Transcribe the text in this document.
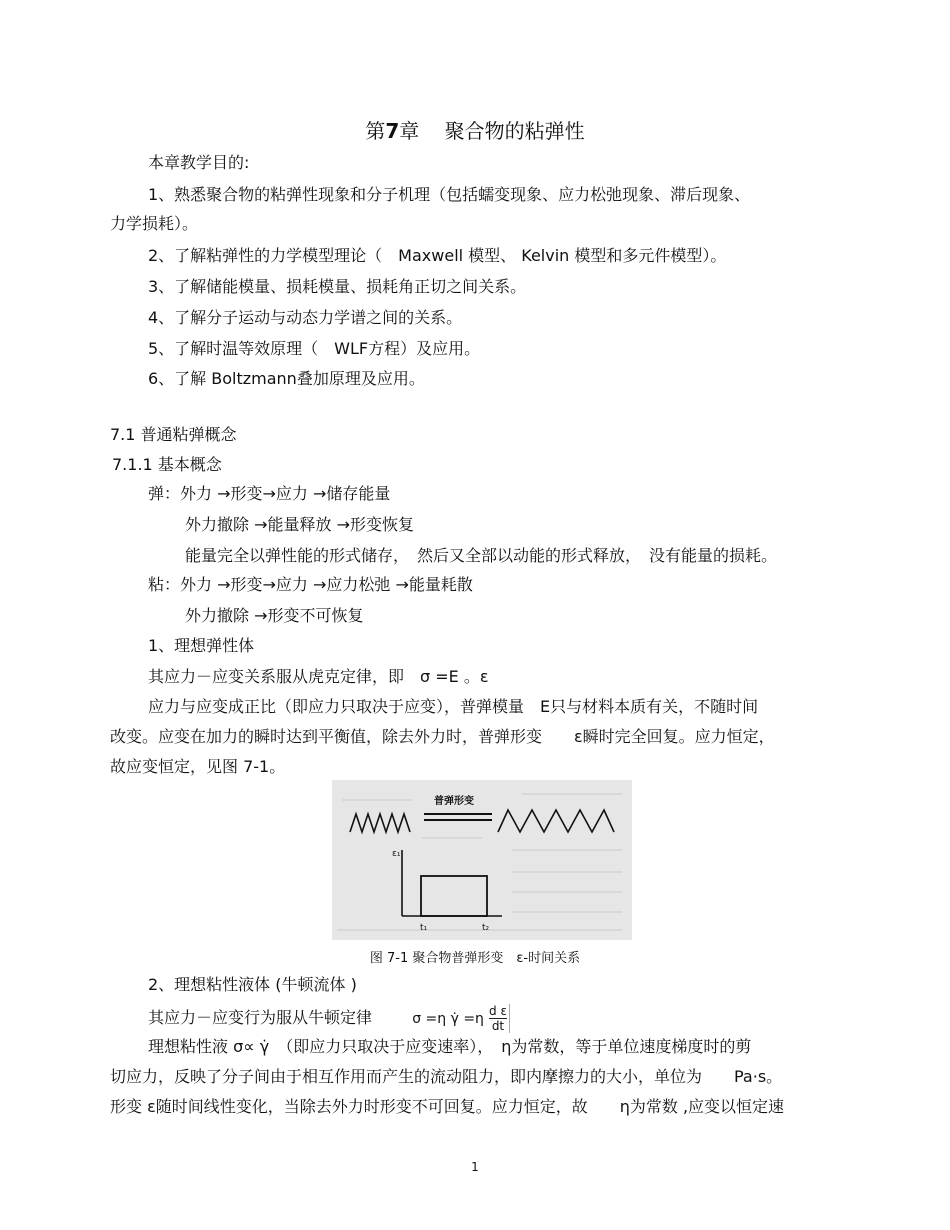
第7章 聚合物的粘弹性
本章教学目的:
1、熟悉聚合物的粘弹性现象和分子机理（包括蠕变现象、应力松弛现象、滞后现象、
力学损耗）。
2、了解粘弹性的力学模型理论（　Maxwell 模型、 Kelvin 模型和多元件模型）。
3、了解储能模量、损耗模量、损耗角正切之间关系。
4、了解分子运动与动态力学谱之间的关系。
5、了解时温等效原理（　WLF方程）及应用。
6、了解 Boltzmann叠加原理及应用。
7.1 普通粘弹概念
7.1.1 基本概念
弹：外力 →形变→应力 →储存能量
外力撤除 →能量释放 →形变恢复
能量完全以弹性能的形式储存，　然后又全部以动能的形式释放，　没有能量的损耗。
粘：外力 →形变→应力 →应力松弛 →能量耗散
外力撤除 →形变不可恢复
1、理想弹性体
其应力－应变关系服从虎克定律，即　σ =E 。ε
应力与应变成正比（即应力只取决于应变），普弹模量　E只与材料本质有关，不随时间
改变。应变在加力的瞬时达到平衡值，除去外力时，普弹形变　　ε瞬时完全回复。应力恒定，
故应变恒定，见图 7-1。
普弹形变
ε₁
t₁	t₂
图 7-1 聚合物普弹形变　ε-时间关系
2、理想粘性液体 (牛顿流体 )
其应力－应变行为服从牛顿定律	σ =η γ̇ $=\eta \frac{\text{d ε}}{dt}$
理想粘性液 σ∝ γ̇　（即应力只取决于应变速率），　η为常数，等于单位速度梯度时的剪
切应力，反映了分子间由于相互作用而产生的流动阻力，即内摩擦力的大小，单位为　　Pa·s。
形变 ε随时间线性变化，当除去外力时形变不可回复。应力恒定，故　　η为常数 ,应变以恒定速
1
